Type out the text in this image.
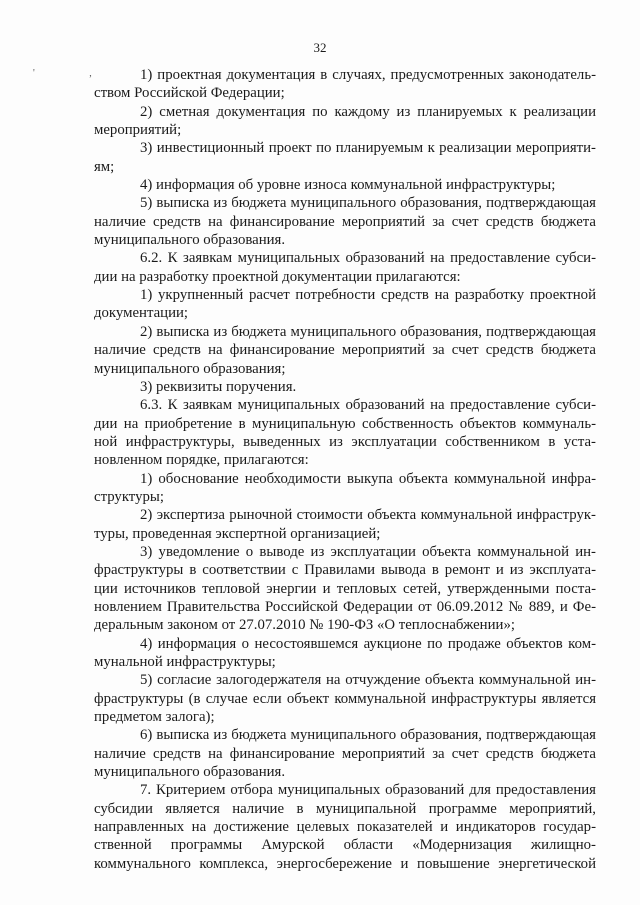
32
' ,	1) проектная документация в случаях, предусмотренных законодатель-
ством Российской Федерации;
2) сметная документация по каждому из планируемых к реализации
мероприятий;
3) инвестиционный проект по планируемым к реализации мероприяти-
ям;
4) информация об уровне износа коммунальной инфраструктуры;
5) выписка из бюджета муниципального образования, подтверждающая
наличие средств на финансирование мероприятий за счет средств бюджета
муниципального образования.
6.2. К заявкам муниципальных образований на предоставление субси-
дии на разработку проектной документации прилагаются:
1) укрупненный расчет потребности средств на разработку проектной
документации;
2) выписка из бюджета муниципального образования, подтверждающая
наличие средств на финансирование мероприятий за счет средств бюджета
муниципального образования;
3) реквизиты поручения.
6.3. К заявкам муниципальных образований на предоставление субси-
дии на приобретение в муниципальную собственность объектов коммуналь-
ной инфраструктуры, выведенных из эксплуатации собственником в уста-
новленном порядке, прилагаются:
1) обоснование необходимости выкупа объекта коммунальной инфра-
структуры;
2) экспертиза рыночной стоимости объекта коммунальной инфраструк-
туры, проведенная экспертной организацией;
3) уведомление о выводе из эксплуатации объекта коммунальной ин-
фраструктуры в соответствии с Правилами вывода в ремонт и из эксплуата-
ции источников тепловой энергии и тепловых сетей, утвержденными поста-
новлением Правительства Российской Федерации от 06.09.2012 № 889, и Фе-
деральным законом от 27.07.2010 № 190-ФЗ «О теплоснабжении»;
4) информация о несостоявшемся аукционе по продаже объектов ком-
мунальной инфраструктуры;
5) согласие залогодержателя на отчуждение объекта коммунальной ин-
фраструктуры (в случае если объект коммунальной инфраструктуры является
предметом залога);
6) выписка из бюджета муниципального образования, подтверждающая
наличие средств на финансирование мероприятий за счет средств бюджета
муниципального образования.
7. Критерием отбора муниципальных образований для предоставления
субсидии является наличие в муниципальной программе мероприятий,
направленных на достижение целевых показателей и индикаторов государ-
ственной программы Амурской области «Модернизация жилищно-
коммунального комплекса, энергосбережение и повышение энергетической
